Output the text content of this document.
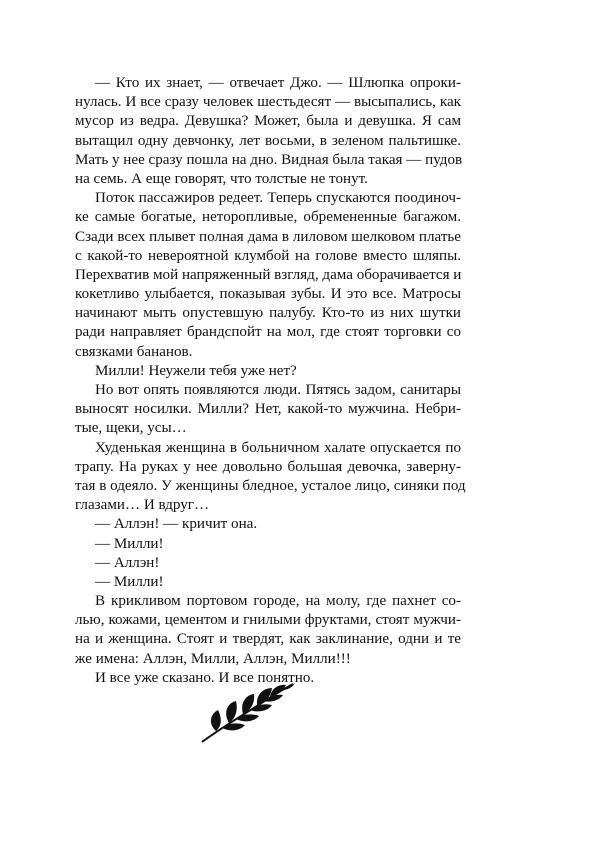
— Кто их знает, — отвечает Джо. — Шлюпка опроки-
нулась. И все сразу человек шестьдесят — высыпались, как
мусор из ведра. Девушка? Может, была и девушка. Я сам
вытащил одну девчонку, лет восьми, в зеленом пальтишке.
Мать у нее сразу пошла на дно. Видная была такая — пудов
на семь. А еще говорят, что толстые не тонут.
Поток пассажиров редеет. Теперь спускаются поодиноч-
ке самые богатые, неторопливые, обремененные багажом.
Сзади всех плывет полная дама в лиловом шелковом платье
с какой-то невероятной клумбой на голове вместо шляпы.
Перехватив мой напряженный взгляд, дама оборачивается и
кокетливо улыбается, показывая зубы. И это все. Матросы
начинают мыть опустевшую палубу. Кто-то из них шутки
ради направляет брандспойт на мол, где стоят торговки со
связками бананов.
Милли! Неужели тебя уже нет?
Но вот опять появляются люди. Пятясь задом, санитары
выносят носилки. Милли? Нет, какой-то мужчина. Небри-
тые, щеки, усы…
Худенькая женщина в больничном халате опускается по
трапу. На руках у нее довольно большая девочка, заверну-
тая в одеяло. У женщины бледное, усталое лицо, синяки под
глазами… И вдруг…
— Аллэн! — кричит она.
— Милли!
— Аллэн!
— Милли!
В крикливом портовом городе, на молу, где пахнет со-
лью, кожами, цементом и гнилыми фруктами, стоят мужчи-
на и женщина. Стоят и твердят, как заклинание, одни и те
же имена: Аллэн, Милли, Аллэн, Милли!!!
И все уже сказано. И все понятно.
